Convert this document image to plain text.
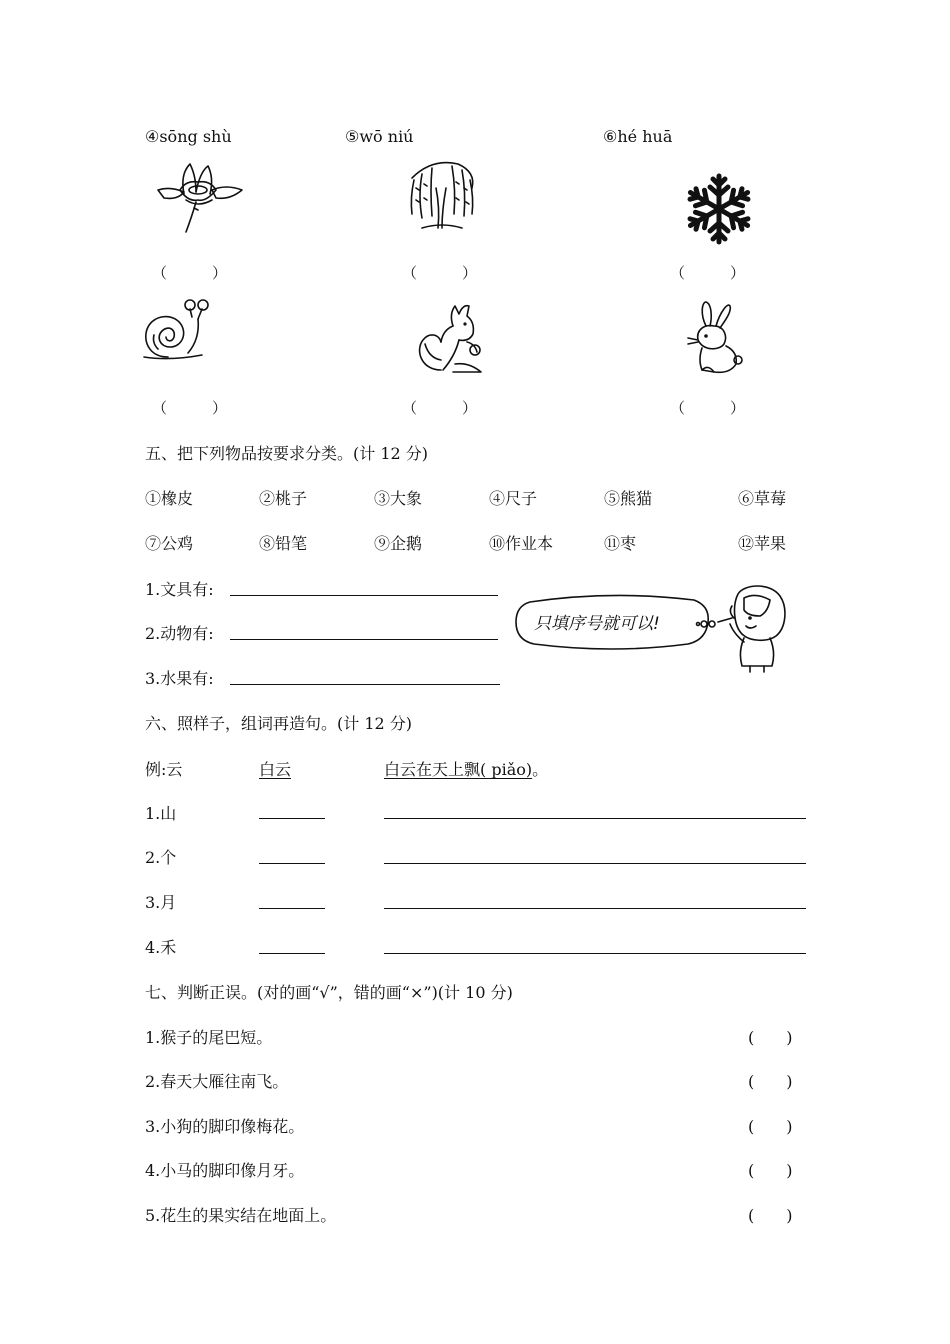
④sōng shù	⑤wō niú	⑥hé huā
（　　　）	（　　　）	（　　　）
（　　　）	（　　　）	（　　　）
五、把下列物品按要求分类。(计 12 分)
①橡皮	②桃子	③大象	④尺子	⑤熊猫	⑥草莓
⑦公鸡	⑧铅笔	⑨企鹅	⑩作业本	⑪枣	⑫苹果
1.文具有:
2.动物有:
3.水果有:
只填序号就可以!
六、照样子，组词再造句。(计 12 分)
例:云	白云	白云在天上飘( piǎo)。
1.山
2.个
3.月
4.禾
七、判断正误。(对的画“√”，错的画“×”)(计 10 分)
1.猴子的尾巴短。	(　　)
2.春天大雁往南飞。	(　　)
3.小狗的脚印像梅花。	(　　)
4.小马的脚印像月牙。	(　　)
5.花生的果实结在地面上。	(　　)
